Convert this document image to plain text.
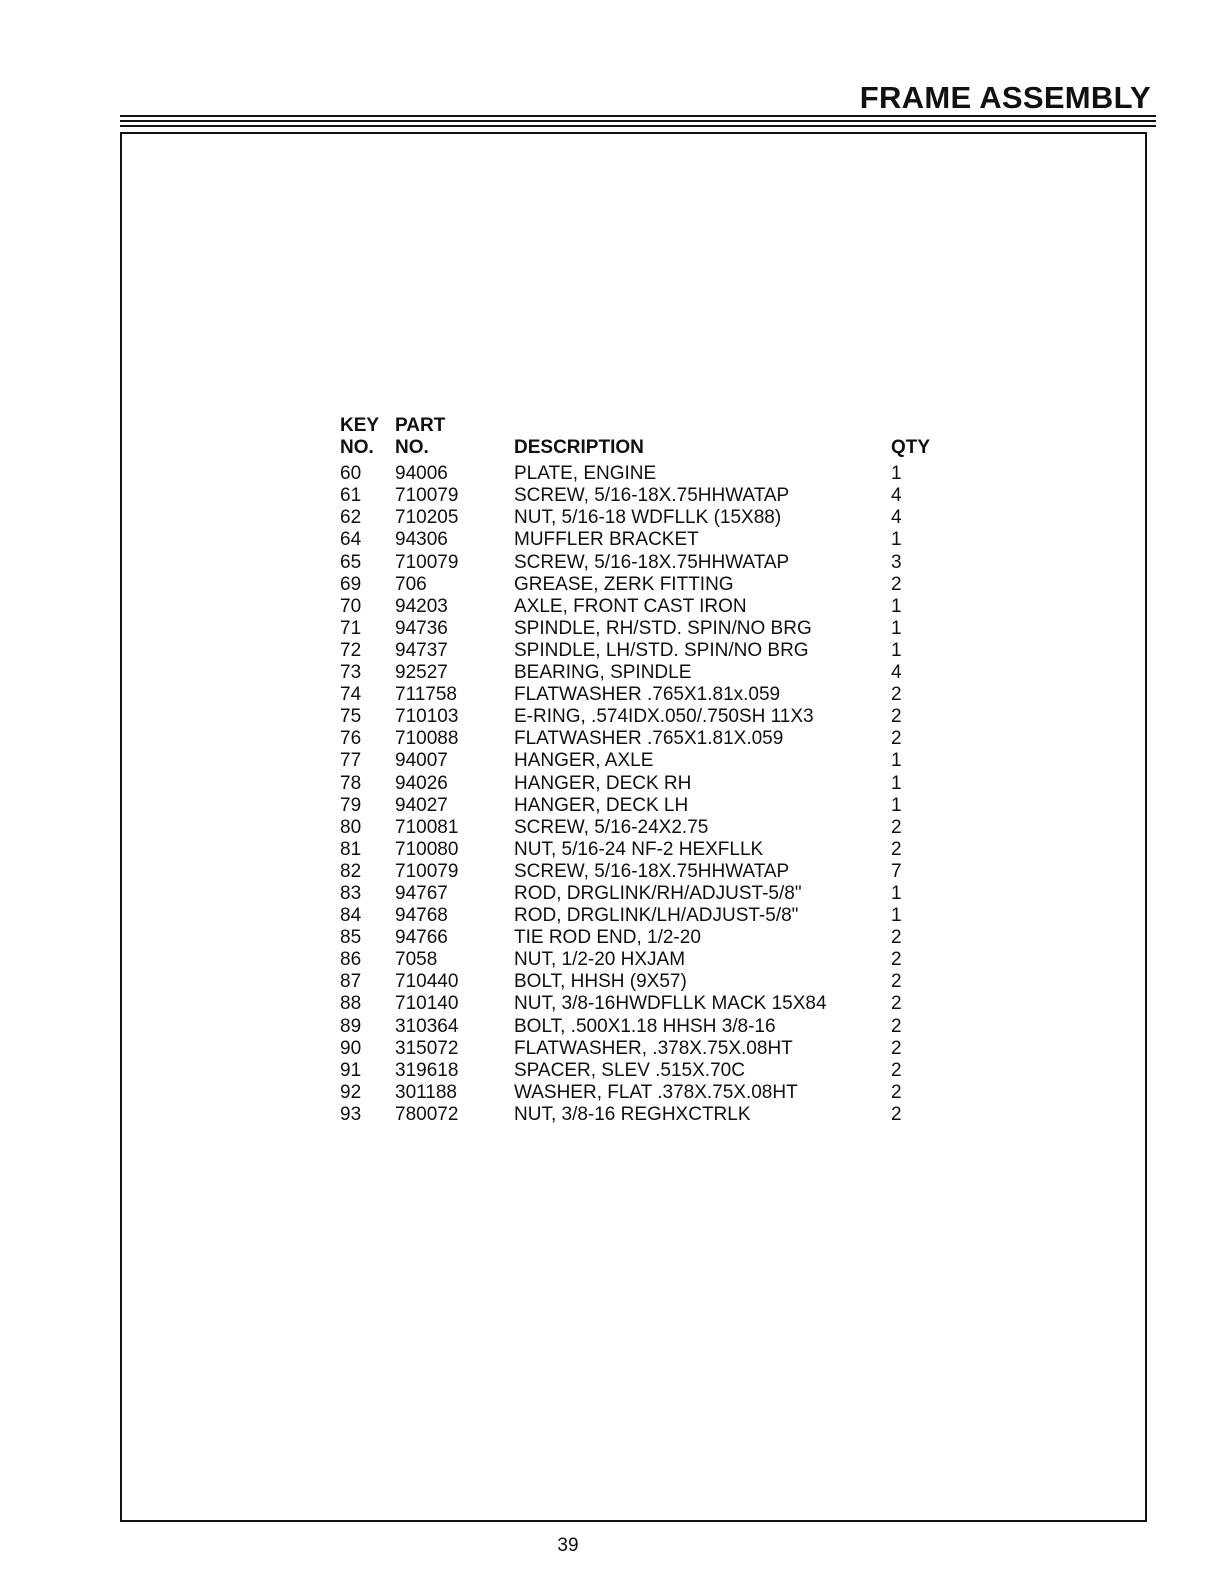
FRAME ASSEMBLY
KEY PART
NO. NO.	DESCRIPTION	QTY
60 94006	PLATE, ENGINE	1
61 710079	SCREW, 5/16-18X.75HHWATAP	4
62 710205	NUT, 5/16-18 WDFLLK (15X88)	4
64 94306	MUFFLER BRACKET	1
65 710079	SCREW, 5/16-18X.75HHWATAP	3
69 706	GREASE, ZERK FITTING	2
70 94203	AXLE, FRONT CAST IRON	1
71 94736	SPINDLE, RH/STD. SPIN/NO BRG	1
72 94737	SPINDLE, LH/STD. SPIN/NO BRG	1
73 92527	BEARING, SPINDLE	4
74 711758	FLATWASHER .765X1.81x.059	2
75 710103	E-RING, .574IDX.050/.750SH 11X3	2
76 710088	FLATWASHER .765X1.81X.059	2
77 94007	HANGER, AXLE	1
78 94026	HANGER, DECK RH	1
79 94027	HANGER, DECK LH	1
80 710081	SCREW, 5/16-24X2.75	2
81 710080	NUT, 5/16-24 NF-2 HEXFLLK	2
82 710079	SCREW, 5/16-18X.75HHWATAP	7
83 94767	ROD, DRGLINK/RH/ADJUST-5/8"	1
84 94768	ROD, DRGLINK/LH/ADJUST-5/8"	1
85 94766	TIE ROD END, 1/2-20	2
86 7058	NUT, 1/2-20 HXJAM	2
87 710440	BOLT, HHSH (9X57)	2
88 710140	NUT, 3/8-16HWDFLLK MACK 15X84	2
89 310364	BOLT, .500X1.18 HHSH 3/8-16	2
90 315072	FLATWASHER, .378X.75X.08HT	2
91 319618	SPACER, SLEV .515X.70C	2
92 301188	WASHER, FLAT .378X.75X.08HT	2
93 780072	NUT, 3/8-16 REGHXCTRLK	2
39
